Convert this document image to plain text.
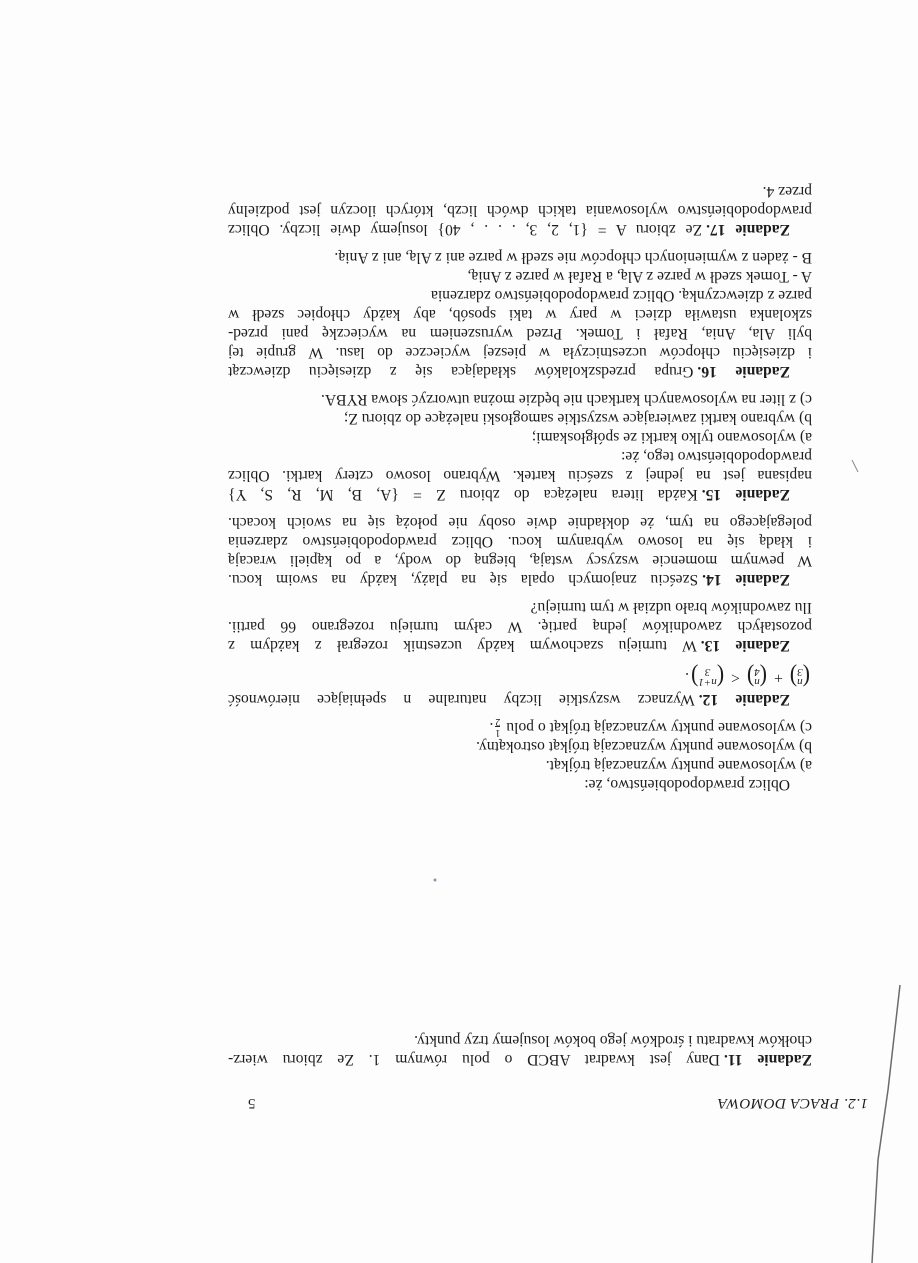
1.2. PRACA DOMOWA
5
Zadanie 11.Dany jest kwadrat ABCD o polu równym 1. Ze zbioru wierz-
chołków kwadratu i środków jego boków losujemy trzy punkty.
Oblicz prawdopodobieństwo, że:
a) wylosowane punkty wyznaczają trójkąt.
b) wylosowane punkty wyznaczają trójkąt ostrokątny.
c) wylosowane punkty wyznaczają trójkąt o polu
1
2
.
Zadanie 12.Wyznacz wszystkie liczby naturalne n spełniające nierówność
(
n
3
)
+
(
n
4
)
<
(
n+1
3
)
.
Zadanie 13.W turnieju szachowym każdy uczestnik rozegrał z każdym z
pozostałych zawodników jedną partię. W całym turnieju rozegrano 66 partii.
Ilu zawodników brało udział w tym turnieju?
Zadanie 14.Sześciu znajomych opala się na plaży, każdy na swoim kocu.
W pewnym momencie wszyscy wstają, biegną do wody, a po kąpieli wracają
i kładą się na losowo wybranym kocu. Oblicz prawdopodobieństwo zdarzenia
polegającego na tym, że dokładnie dwie osoby nie położą się na swoich kocach.
Zadanie 15.Każda litera należąca do zbioru Z = {A, B, M, R, S, Y}
napisana jest na jednej z sześciu kartek. Wybrano losowo cztery kartki. Oblicz
prawdopodobieństwo tego, że:
a) wylosowano tylko kartki ze spółgłoskami;
b) wybrano kartki zawierające wszystkie samogłoski należące do zbioru Z;
c) z liter na wylosowanych kartkach nie będzie można utworzyć słowa RYBA.
Zadanie 16.Grupa przedszkolaków składająca się z dziesięciu dziewcząt
i dziesięciu chłopców uczestniczyła w pieszej wycieczce do lasu. W grupie tej
byli Ala, Ania, Rafał i Tomek. Przed wyruszeniem na wycieczkę pani przed-
szkolanka ustawiła dzieci w pary w taki sposób, aby każdy chłopiec szedł w
parze z dziewczynką. Oblicz prawdopodobieństwo zdarzenia
A - Tomek szedł w parze z Alą, a Rafał w parze z Anią,
B - żaden z wymienionych chłopców nie szedł w parze ani z Alą, ani z Anią.
Zadanie 17.Ze zbioru A = {1, 2, 3, . . . , 40} losujemy dwie liczby. Oblicz
prawdopodobieństwo wylosowania takich dwóch liczb, których iloczyn jest podzielny
przez 4.
